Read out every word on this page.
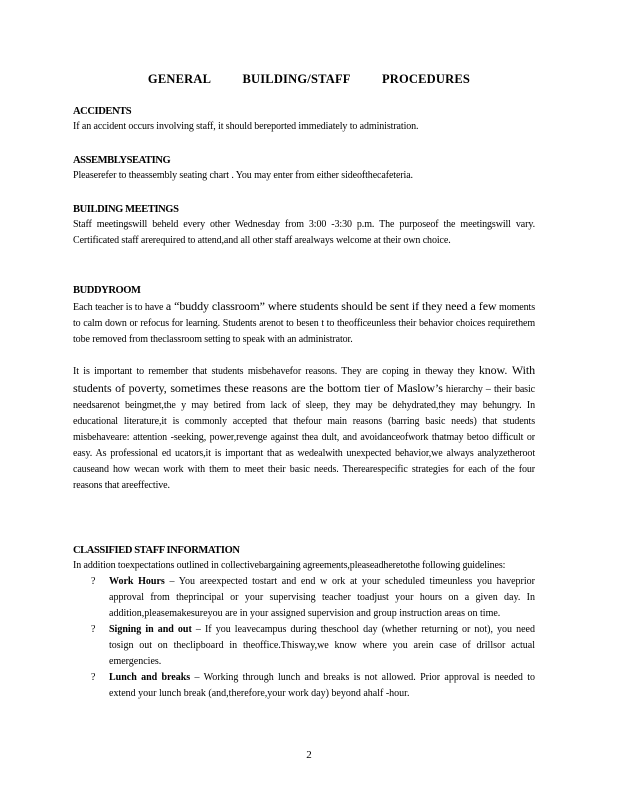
GENERAL	BUILDING/STAFF	PROCEDURES
ACCIDENTS
If an accident occurs involving staff, it should bereported immediately to administration.
ASSEMBLYSEATING
Pleaserefer to theassembly seating chart . You may enter from either sideofthecafeteria.
BUILDING MEETINGS
Staff meetingswill beheld every other Wednesday from 3:00 -3:30 p.m. The purposeof the meetingswill vary. Certificated staff arerequired to attend,and all other staff arealways welcome at their own choice.
BUDDYROOM

Each teacher is to have a “buddy classroom” where students should be sent if they need a few moments to calm down or refocus for learning. Students arenot to besen t to theofficeunless their behavior choices requirethem tobe removed from theclassroom setting to speak with an administrator.

It is important to remember that students misbehavefor reasons. They are coping in theway they know. With students of poverty, sometimes these reasons are the bottom tier of Maslow’s hierarchy – their basic needsarenot beingmet,the y may betired from lack of sleep, they may be dehydrated,they may behungry. In educational literature,it is commonly accepted that thefour main reasons (barring basic needs) that students misbehaveare: attention -seeking, power,revenge against thea dult, and avoidanceofwork thatmay betoo difficult or easy. As professional ed ucators,it is important that as wedealwith unexpected behavior,we always analyzetheroot causeand how wecan work with them to meet their basic needs. Therearespecific strategies for each of the four reasons that areeffective.

CLASSIFIED STAFF INFORMATION
In addition toexpectations outlined in collectivebargaining agreements,pleaseadheretothe following guidelines:
? Work Hours – You areexpected tostart and end w ork at your scheduled timeunless you haveprior approval from theprincipal or your supervising teacher toadjust your hours on a given day. In addition,pleasemakesureyou are in your assigned supervision and group instruction areas on time.
? Signing in and out – If you leavecampus during theschool day (whether returning or not), you need tosign out on theclipboard in theoffice.Thisway,we know where you arein case of drillsor actual emergencies.
? Lunch and breaks – Working through lunch and breaks is not allowed. Prior approval is needed to extend your lunch break (and,therefore,your work day) beyond ahalf -hour.
2
